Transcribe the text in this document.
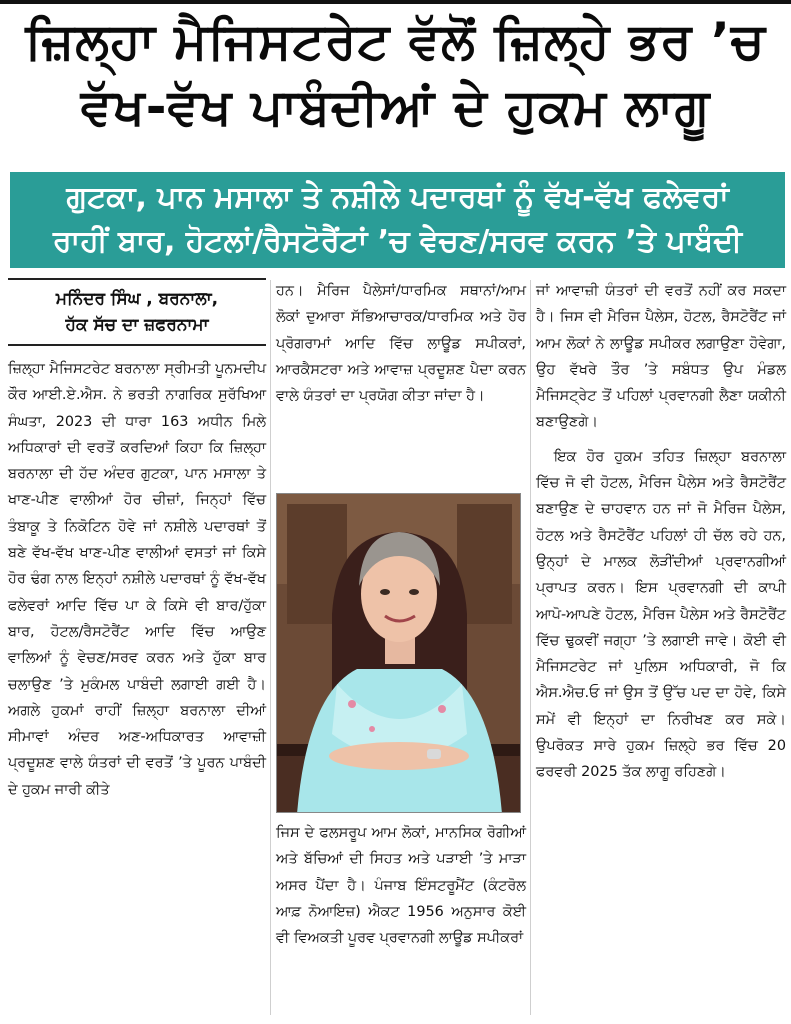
ਜ਼ਿਲ੍ਹਾ ਮੈਜਿਸਟਰੇਟ ਵੱਲੋਂ ਜ਼ਿਲ੍ਹੇ ਭਰ ’ਚ
ਵੱਖ-ਵੱਖ ਪਾਬੰਦੀਆਂ ਦੇ ਹੁਕਮ ਲਾਗੂ
ਗੁਟਕਾ, ਪਾਨ ਮਸਾਲਾ ਤੇ ਨਸ਼ੀਲੇ ਪਦਾਰਥਾਂ ਨੂੰ ਵੱਖ-ਵੱਖ ਫਲੇਵਰਾਂ
ਰਾਹੀਂ ਬਾਰ, ਹੋਟਲਾਂ/ਰੈਸਟੋਰੈਂਟਾਂ ’ਚ ਵੇਚਣ/ਸਰਵ ਕਰਨ ’ਤੇ ਪਾਬੰਦੀ
ਮਨਿੰਦਰ ਸਿੰਘ , ਬਰਨਾਲਾ,
ਹੱਕ ਸੱਚ ਦਾ ਜ਼ਫਰਨਾਮਾ

ਜ਼ਿਲ੍ਹਾ ਮੈਜਿਸਟਰੇਟ ਬਰਨਾਲਾ ਸ੍ਰੀਮਤੀ ਪੂਨਮਦੀਪ ਕੌਰ ਆਈ.ਏ.ਐਸ. ਨੇ ਭਰਤੀ ਨਾਗਰਿਕ ਸੁਰੱਖਿਆ ਸੰਘਤਾ, 2023 ਦੀ ਧਾਰਾ 163 ਅਧੀਨ ਮਿਲੇ ਅਧਿਕਾਰਾਂ ਦੀ ਵਰਤੋਂ ਕਰਦਿਆਂ ਕਿਹਾ ਕਿ ਜ਼ਿਲ੍ਹਾ ਬਰਨਾਲਾ ਦੀ ਹੱਦ ਅੰਦਰ ਗੁਟਕਾ, ਪਾਨ ਮਸਾਲਾ ਤੇ ਖਾਣ-ਪੀਣ ਵਾਲੀਆਂ ਹੋਰ ਚੀਜ਼ਾਂ, ਜਿਨ੍ਹਾਂ ਵਿੱਚ ਤੰਬਾਕੂ ਤੇ ਨਿਕੋਟਿਨ ਹੋਵੇ ਜਾਂ ਨਸ਼ੀਲੇ ਪਦਾਰਥਾਂ ਤੋਂ ਬਣੇ ਵੱਖ-ਵੱਖ ਖਾਣ-ਪੀਣ ਵਾਲੀਆਂ ਵਸਤਾਂ ਜਾਂ ਕਿਸੇ ਹੋਰ ਢੰਗ ਨਾਲ ਇਨ੍ਹਾਂ ਨਸ਼ੀਲੇ ਪਦਾਰਥਾਂ ਨੂੰ ਵੱਖ-ਵੱਖ ਫਲੇਵਰਾਂ ਆਦਿ ਵਿੱਚ ਪਾ ਕੇ ਕਿਸੇ ਵੀ ਬਾਰ/ਹੁੱਕਾ ਬਾਰ, ਹੋਟਲ/ਰੈਸਟੋਰੈਂਟ ਆਦਿ ਵਿੱਚ ਆਉਣ ਵਾਲਿਆਂ ਨੂੰ ਵੇਚਣ/ਸਰਵ ਕਰਨ ਅਤੇ ਹੁੱਕਾ ਬਾਰ ਚਲਾਉਣ ’ਤੇ ਮੁਕੰਮਲ ਪਾਬੰਦੀ ਲਗਾਈ ਗਈ ਹੈ। ਅਗਲੇ ਹੁਕਮਾਂ ਰਾਹੀਂ ਜ਼ਿਲ੍ਹਾ ਬਰਨਾਲਾ ਦੀਆਂ ਸੀਮਾਵਾਂ ਅੰਦਰ ਅਣ-ਅਧਿਕਾਰਤ ਆਵਾਜ਼ੀ ਪ੍ਰਦੂਸ਼ਣ ਵਾਲੇ ਯੰਤਰਾਂ ਦੀ ਵਰਤੋਂ ’ਤੇ ਪੂਰਨ ਪਾਬੰਦੀ ਦੇ ਹੁਕਮ ਜਾਰੀ ਕੀਤੇ

ਹਨ। ਮੈਰਿਜ ਪੈਲੇਸਾਂ/ਧਾਰਮਿਕ ਸਥਾਨਾਂ/ਆਮ ਲੋਕਾਂ ਦੁਆਰਾ ਸੱਭਿਆਚਾਰਕ/ਧਾਰਮਿਕ ਅਤੇ ਹੋਰ ਪ੍ਰੋਗਰਾਮਾਂ ਆਦਿ ਵਿੱਚ ਲਾਊਡ ਸਪੀਕਰਾਂ, ਆਰਕੈਸਟਰਾ ਅਤੇ ਆਵਾਜ਼ ਪ੍ਰਦੂਸ਼ਣ ਪੈਦਾ ਕਰਨ ਵਾਲੇ ਯੰਤਰਾਂ ਦਾ ਪ੍ਰਯੋਗ ਕੀਤਾ ਜਾਂਦਾ ਹੈ।

ਜਿਸ ਦੇ ਫਲਸਰੂਪ ਆਮ ਲੋਕਾਂ, ਮਾਨਸਿਕ ਰੋਗੀਆਂ ਅਤੇ ਬੱਚਿਆਂ ਦੀ ਸਿਹਤ ਅਤੇ ਪੜਾਈ ’ਤੇ ਮਾੜਾ ਅਸਰ ਪੈਂਦਾ ਹੈ। ਪੰਜਾਬ ਇੰਸਟਰੂਮੈਂਟ (ਕੰਟਰੋਲ ਆਫ਼ ਨੋਆਇਜ਼) ਐਕਟ 1956 ਅਨੁਸਾਰ ਕੋਈ ਵੀ ਵਿਅਕਤੀ ਪੂਰਵ ਪ੍ਰਵਾਨਗੀ ਲਾਊਡ ਸਪੀਕਰਾਂ

ਜਾਂ ਆਵਾਜ਼ੀ ਯੰਤਰਾਂ ਦੀ ਵਰਤੋਂ ਨਹੀਂ ਕਰ ਸਕਦਾ ਹੈ। ਜਿਸ ਵੀ ਮੈਰਿਜ ਪੈਲੇਸ, ਹੋਟਲ, ਰੈਸਟੋਰੈਂਟ ਜਾਂ ਆਮ ਲੋਕਾਂ ਨੇ ਲਾਊਡ ਸਪੀਕਰ ਲਗਾਉਣਾ ਹੋਵੇਗਾ, ਉਹ ਵੱਖਰੇ ਤੌਰ ’ਤੇ ਸਬੰਧਤ ਉਪ ਮੰਡਲ ਮੈਜਿਸਟ੍ਰੇਟ ਤੋਂ ਪਹਿਲਾਂ ਪ੍ਰਵਾਨਗੀ ਲੈਣਾ ਯਕੀਨੀ ਬਣਾਉਣਗੇ।

ਇਕ ਹੋਰ ਹੁਕਮ ਤਹਿਤ ਜ਼ਿਲ੍ਹਾ ਬਰਨਾਲਾ ਵਿੱਚ ਜੋ ਵੀ ਹੋਟਲ, ਮੈਰਿਜ ਪੈਲੇਸ ਅਤੇ ਰੈਸਟੋਰੈਂਟ ਬਣਾਉਣ ਦੇ ਚਾਹਵਾਨ ਹਨ ਜਾਂ ਜੋ ਮੈਰਿਜ ਪੈਲੇਸ, ਹੋਟਲ ਅਤੇ ਰੈਸਟੋਰੈਂਟ ਪਹਿਲਾਂ ਹੀ ਚੱਲ ਰਹੇ ਹਨ, ਉਨ੍ਹਾਂ ਦੇ ਮਾਲਕ ਲੋੜੀਂਦੀਆਂ ਪ੍ਰਵਾਨਗੀਆਂ ਪ੍ਰਾਪਤ ਕਰਨ। ਇਸ ਪ੍ਰਵਾਨਗੀ ਦੀ ਕਾਪੀ ਆਪੋ-ਆਪਣੇ ਹੋਟਲ, ਮੈਰਿਜ ਪੈਲੇਸ ਅਤੇ ਰੈਸਟੋਰੈਂਟ ਵਿੱਚ ਢੁਕਵੀਂ ਜਗ੍ਹਾ ’ਤੇ ਲਗਾਈ ਜਾਵੇ। ਕੋਈ ਵੀ ਮੈਜਿਸਟਰੇਟ ਜਾਂ ਪੁਲਿਸ ਅਧਿਕਾਰੀ, ਜੋ ਕਿ ਐਸ.ਐਚ.ਓ ਜਾਂ ਉਸ ਤੋਂ ਉੱਚ ਪਦ ਦਾ ਹੋਵੇ, ਕਿਸੇ ਸਮੇਂ ਵੀ ਇਨ੍ਹਾਂ ਦਾ ਨਿਰੀਖਣ ਕਰ ਸਕੇ। ਉਪਰੋਕਤ ਸਾਰੇ ਹੁਕਮ ਜ਼ਿਲ੍ਹੇ ਭਰ ਵਿੱਚ 20 ਫਰਵਰੀ 2025 ਤੱਕ ਲਾਗੂ ਰਹਿਣਗੇ।
